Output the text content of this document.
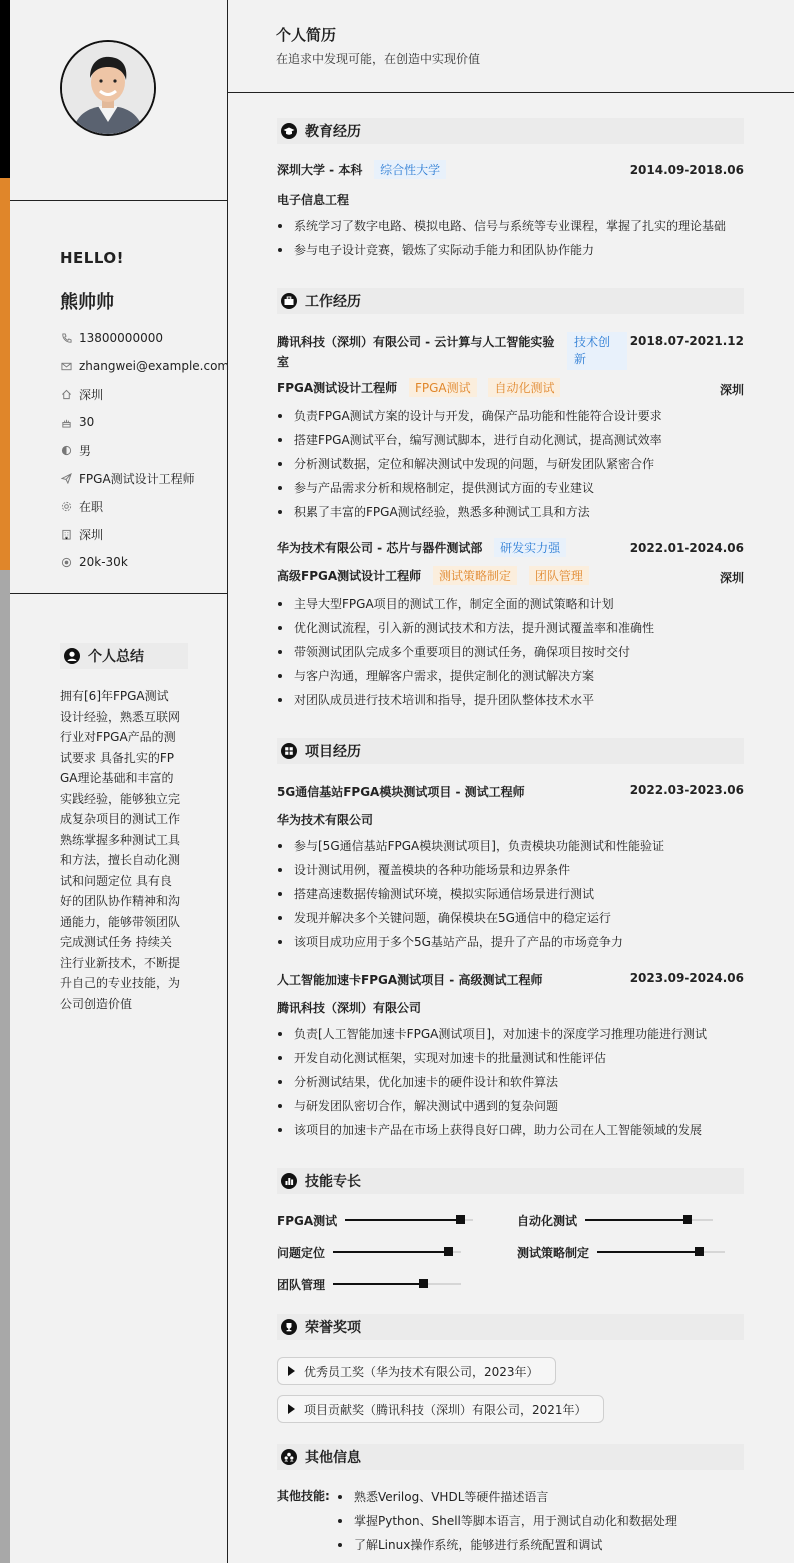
HELLO!
熊帅帅
13800000000
zhangwei@example.com
深圳
30
男
FPGA测试设计工程师
在职
深圳
20k-30k
个人总结
拥有[6]年FPGA测试设计经验，熟悉互联网行业对FPGA产品的测试要求 具备扎实的FPGA理论基础和丰富的实践经验，能够独立完成复杂项目的测试工作 熟练掌握多种测试工具和方法，擅长自动化测试和问题定位 具有良好的团队协作精神和沟通能力，能够带领团队完成测试任务 持续关注行业新技术，不断提升自己的专业技能，为公司创造价值
个人简历
在追求中发现可能，在创造中实现价值
教育经历
深圳大学 - 本科 综合性大学	2014.09-2018.06
电子信息工程
系统学习了数字电路、模拟电路、信号与系统等专业课程，掌握了扎实的理论基础
参与电子设计竞赛，锻炼了实际动手能力和团队协作能力
工作经历
腾讯科技（深圳）有限公司 - 云计算与人工智能实验
室
技术创
新
2018.07-2021.12
FPGA测试设计工程师 FPGA测试 自动化测试	深圳
负责FPGA测试方案的设计与开发，确保产品功能和性能符合设计要求
搭建FPGA测试平台，编写测试脚本，进行自动化测试，提高测试效率
分析测试数据，定位和解决测试中发现的问题，与研发团队紧密合作
参与产品需求分析和规格制定，提供测试方面的专业建议
积累了丰富的FPGA测试经验，熟悉多种测试工具和方法
华为技术有限公司 - 芯片与器件测试部 研发实力强	2022.01-2024.06
高级FPGA测试设计工程师 测试策略制定 团队管理	深圳
主导大型FPGA项目的测试工作，制定全面的测试策略和计划
优化测试流程，引入新的测试技术和方法，提升测试覆盖率和准确性
带领测试团队完成多个重要项目的测试任务，确保项目按时交付
与客户沟通，理解客户需求，提供定制化的测试解决方案
对团队成员进行技术培训和指导，提升团队整体技术水平
项目经历
5G通信基站FPGA模块测试项目 - 测试工程师	2022.03-2023.06
华为技术有限公司
参与[5G通信基站FPGA模块测试项目]，负责模块功能测试和性能验证
设计测试用例，覆盖模块的各种功能场景和边界条件
搭建高速数据传输测试环境，模拟实际通信场景进行测试
发现并解决多个关键问题，确保模块在5G通信中的稳定运行
该项目成功应用于多个5G基站产品，提升了产品的市场竞争力
人工智能加速卡FPGA测试项目 - 高级测试工程师	2023.09-2024.06
腾讯科技（深圳）有限公司
负责[人工智能加速卡FPGA测试项目]，对加速卡的深度学习推理功能进行测试
开发自动化测试框架，实现对加速卡的批量测试和性能评估
分析测试结果，优化加速卡的硬件设计和软件算法
与研发团队密切合作，解决测试中遇到的复杂问题
该项目的加速卡产品在市场上获得良好口碑，助力公司在人工智能领域的发展
技能专长
FPGA测试	自动化测试
问题定位	测试策略制定
团队管理
荣誉奖项
优秀员工奖（华为技术有限公司，2023年）
项目贡献奖（腾讯科技（深圳）有限公司，2021年）
其他信息
其他技能:	熟悉Verilog、VHDL等硬件描述语言
掌握Python、Shell等脚本语言，用于测试自动化和数据处理
了解Linux操作系统，能够进行系统配置和调试
